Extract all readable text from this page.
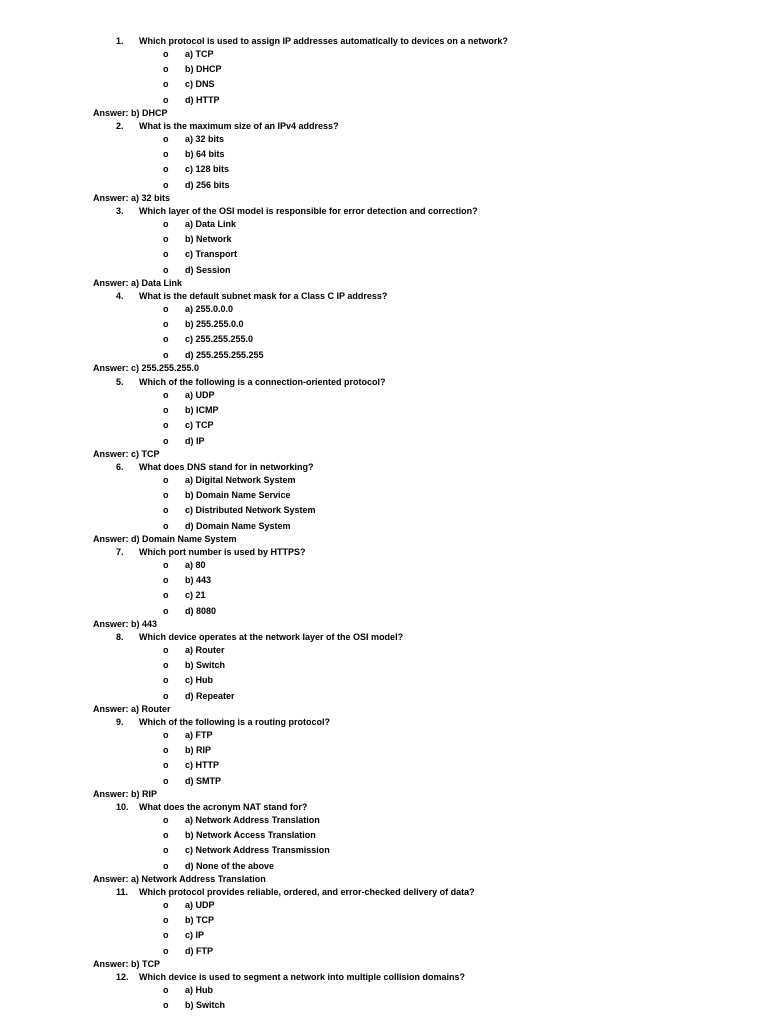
1. Which protocol is used to assign IP addresses automatically to devices on a network?
o a) TCP
o b) DHCP
o c) DNS
o d) HTTP
Answer: b) DHCP
2. What is the maximum size of an IPv4 address?
o a) 32 bits
o b) 64 bits
o c) 128 bits
o d) 256 bits
Answer: a) 32 bits
3. Which layer of the OSI model is responsible for error detection and correction?
o a) Data Link
o b) Network
o c) Transport
o d) Session
Answer: a) Data Link
4. What is the default subnet mask for a Class C IP address?
o a) 255.0.0.0
o b) 255.255.0.0
o c) 255.255.255.0
o d) 255.255.255.255
Answer: c) 255.255.255.0
5. Which of the following is a connection-oriented protocol?
o a) UDP
o b) ICMP
o c) TCP
o d) IP
Answer: c) TCP
6. What does DNS stand for in networking?
o a) Digital Network System
o b) Domain Name Service
o c) Distributed Network System
o d) Domain Name System
Answer: d) Domain Name System
7. Which port number is used by HTTPS?
o a) 80
o b) 443
o c) 21
o d) 8080
Answer: b) 443
8. Which device operates at the network layer of the OSI model?
o a) Router
o b) Switch
o c) Hub
o d) Repeater
Answer: a) Router
9. Which of the following is a routing protocol?
o a) FTP
o b) RIP
o c) HTTP
o d) SMTP
Answer: b) RIP
10. What does the acronym NAT stand for?
o a) Network Address Translation
o b) Network Access Translation
o c) Network Address Transmission
o d) None of the above
Answer: a) Network Address Translation
11. Which protocol provides reliable, ordered, and error-checked delivery of data?
o a) UDP
o b) TCP
o c) IP
o d) FTP
Answer: b) TCP
12. Which device is used to segment a network into multiple collision domains?
o a) Hub
o b) Switch
